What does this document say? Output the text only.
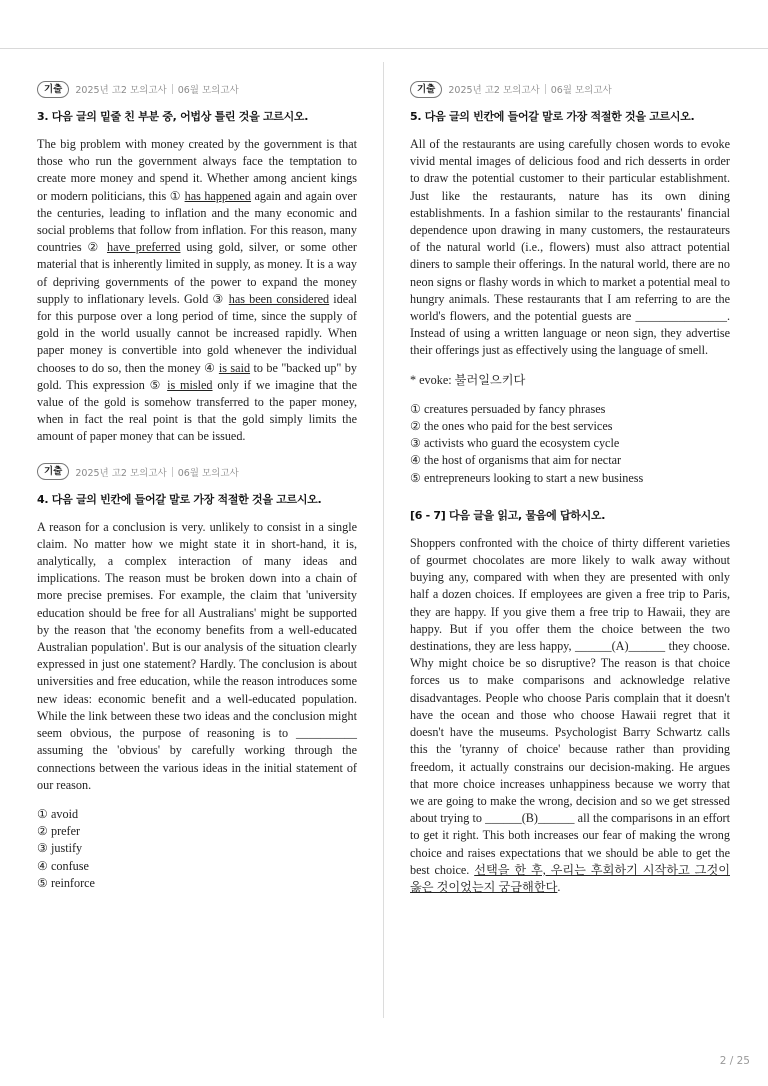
기출	2025년 고2 모의고사 06월 모의고사
3. 다음 글의 밑줄 친 부분 중, 어법상 틀린 것을 고르시오.

The big problem with money created by the government is that those who run the government always face the temptation to create more money and spend it. Whether among ancient kings or modern politicians, this ① has happened again and again over the centuries, leading to inflation and the many economic and social problems that follow from inflation. For this reason, many countries ② have preferred using gold, silver, or some other material that is inherently limited in supply, as money. It is a way of depriving governments of the power to expand the money supply to inflationary levels. Gold ③ has been considered ideal for this purpose over a long period of time, since the supply of gold in the world usually cannot be increased rapidly. When paper money is convertible into gold whenever the individual chooses to do so, then the money ④ is said to be "backed up" by gold. This expression ⑤ is misled only if we imagine that the value of the gold is somehow transferred to the paper money, when in fact the real point is that the gold simply limits the amount of paper money that can be issued.

기출	2025년 고2 모의고사 06월 모의고사
4. 다음 글의 빈칸에 들어갈 말로 가장 적절한 것을 고르시오.

A reason for a conclusion is very. unlikely to consist in a single claim. No matter how we might state it in short-hand, it is, analytically, a complex interaction of many ideas and implications. The reason must be broken down into a chain of more precise premises. For example, the claim that 'university education should be free for all Australians' might be supported by the reason that 'the economy benefits from a well-educated Australian population'. But is our analysis of the situation clearly expressed in just one statement? Hardly. The conclusion is about universities and free education, while the reason introduces some new ideas: economic benefit and a well-educated population. While the link between these two ideas and the conclusion might seem obvious, the purpose of reasoning is to __________ assuming the 'obvious' by carefully working through the connections between the various ideas in the initial statement of our reason.

① avoid
② prefer
③ justify
④ confuse
⑤ reinforce
기출	2025년 고2 모의고사 06월 모의고사
5. 다음 글의 빈칸에 들어갈 말로 가장 적절한 것을 고르시오.

All of the restaurants are using carefully chosen words to evoke vivid mental images of delicious food and rich desserts in order to draw the potential customer to their particular establishment. Just like the restaurants, nature has its own dining establishments. In a fashion similar to the restaurants' financial dependence upon drawing in many customers, the restaurateurs of the natural world (i.e., flowers) must also attract potential diners to sample their offerings. In the natural world, there are no neon signs or flashy words in which to market a potential meal to hungry animals. These restaurants that I am referring to are the world's flowers, and the potential guests are _______________. Instead of using a written language or neon sign, they advertise their offerings just as effectively using the language of smell.

* evoke: 불러일으키다
① creatures persuaded by fancy phrases
② the ones who paid for the best services
③ activists who guard the ecosystem cycle
④ the host of organisms that aim for nectar
⑤ entrepreneurs looking to start a new business
[6 - 7] 다음 글을 읽고, 물음에 답하시오.

Shoppers confronted with the choice of thirty different varieties of gourmet chocolates are more likely to walk away without buying any, compared with when they are presented with only half a dozen choices. If employees are given a free trip to Paris, they are happy. If you give them a free trip to Hawaii, they are happy. But if you offer them the choice between the two destinations, they are less happy, ______(A)______ they choose. Why might choice be so disruptive? The reason is that choice forces us to make comparisons and acknowledge relative disadvantages. People who choose Paris complain that it doesn't have the ocean and those who choose Hawaii regret that it doesn't have the museums. Psychologist Barry Schwartz calls this the 'tyranny of choice' because rather than providing freedom, it actually constrains our decision-making. He argues that more choice increases unhappiness because we worry that we are going to make the wrong, decision and so we get stressed about trying to ______(B)______ all the comparisons in an effort to get it right. This both increases our fear of making the wrong choice and raises expectations that we should be able to get the best choice. 선택을 한 후, 우리는 후회하기 시작하고 그것이 옳은 것이었는지 궁금해한다.

2 / 25
